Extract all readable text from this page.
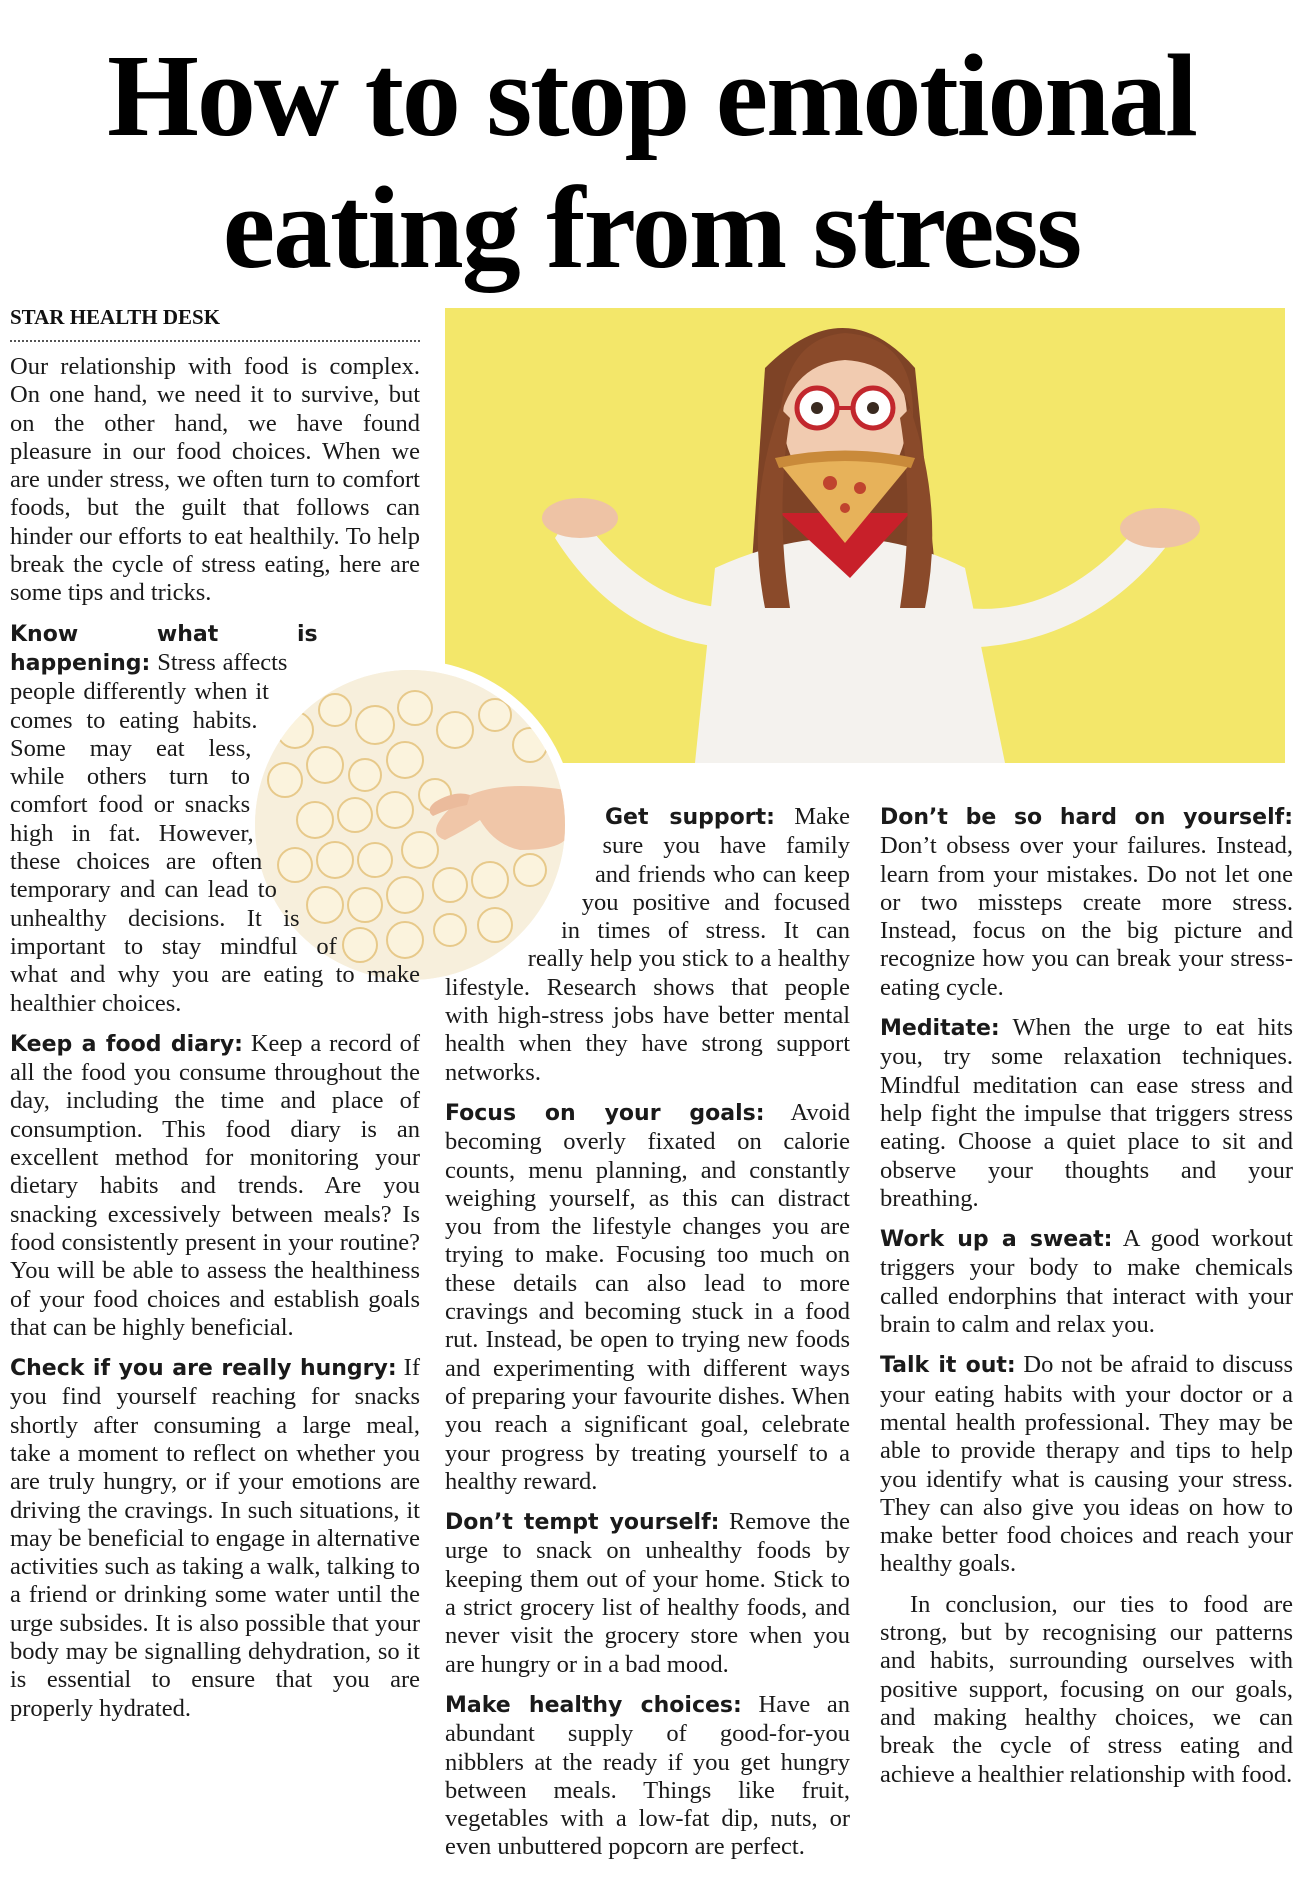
How to stop emotional
eating from stress
STAR HEALTH DESK

Our relationship with food is complex. On one hand, we need it to survive, but on the other hand, we have found pleasure in our food choices. When we are under stress, we often turn to comfort foods, but the guilt that follows can hinder our efforts to eat healthily. To help break the cycle of stress eating, here are some tips and tricks.

Know what is happening: Stress affects people differently when it comes to eating habits. Some may eat less, while others turn to comfort food or snacks high in fat. However, these choices are often temporary and can lead to unhealthy decisions. It is important to stay mindful of what and why you are eating to make healthier choices.

Keep a food diary: Keep a record of all the food you consume throughout the day, including the time and place of consumption. This food diary is an excellent method for monitoring your dietary habits and trends. Are you snacking excessively between meals? Is food consistently present in your routine? You will be able to assess the healthiness of your food choices and establish goals that can be highly beneficial.

Check if you are really hungry: If you find yourself reaching for snacks shortly after consuming a large meal, take a moment to reflect on whether you are truly hungry, or if your emotions are driving the cravings. In such situations, it may be beneficial to engage in alternative activities such as taking a walk, talking to a friend or drinking some water until the urge subsides. It is also possible that your body may be signalling dehydration, so it is essential to ensure that you are properly hydrated.

Get support: Make sure you have family and friends who can keep you positive and focused in times of stress. It can really help you stick to a healthy lifestyle. Research shows that people with high-stress jobs have better mental health when they have strong support networks.

Focus on your goals: Avoid becoming overly fixated on calorie counts, menu planning, and constantly weighing yourself, as this can distract you from the lifestyle changes you are trying to make. Focusing too much on these details can also lead to more cravings and becoming stuck in a food rut. Instead, be open to trying new foods and experimenting with different ways of preparing your favourite dishes. When you reach a significant goal, celebrate your progress by treating yourself to a healthy reward.

Don’t tempt yourself: Remove the urge to snack on unhealthy foods by keeping them out of your home. Stick to a strict grocery list of healthy foods, and never visit the grocery store when you are hungry or in a bad mood.

Make healthy choices: Have an abundant supply of good-for-you nibblers at the ready if you get hungry between meals. Things like fruit, vegetables with a low-fat dip, nuts, or even unbuttered popcorn are perfect.

Don’t be so hard on yourself: Don’t obsess over your failures. Instead, learn from your mistakes. Do not let one or two missteps create more stress. Instead, focus on the big picture and recognize how you can break your stress-eating cycle.

Meditate: When the urge to eat hits you, try some relaxation techniques. Mindful meditation can ease stress and help fight the impulse that triggers stress eating. Choose a quiet place to sit and observe your thoughts and your breathing.

Work up a sweat: A good workout triggers your body to make chemicals called endorphins that interact with your brain to calm and relax you.

Talk it out: Do not be afraid to discuss your eating habits with your doctor or a mental health professional. They may be able to provide therapy and tips to help you identify what is causing your stress. They can also give you ideas on how to make better food choices and reach your healthy goals.

In conclusion, our ties to food are strong, but by recognising our patterns and habits, surrounding ourselves with positive support, focusing on our goals, and making healthy choices, we can break the cycle of stress eating and achieve a healthier relationship with food.
